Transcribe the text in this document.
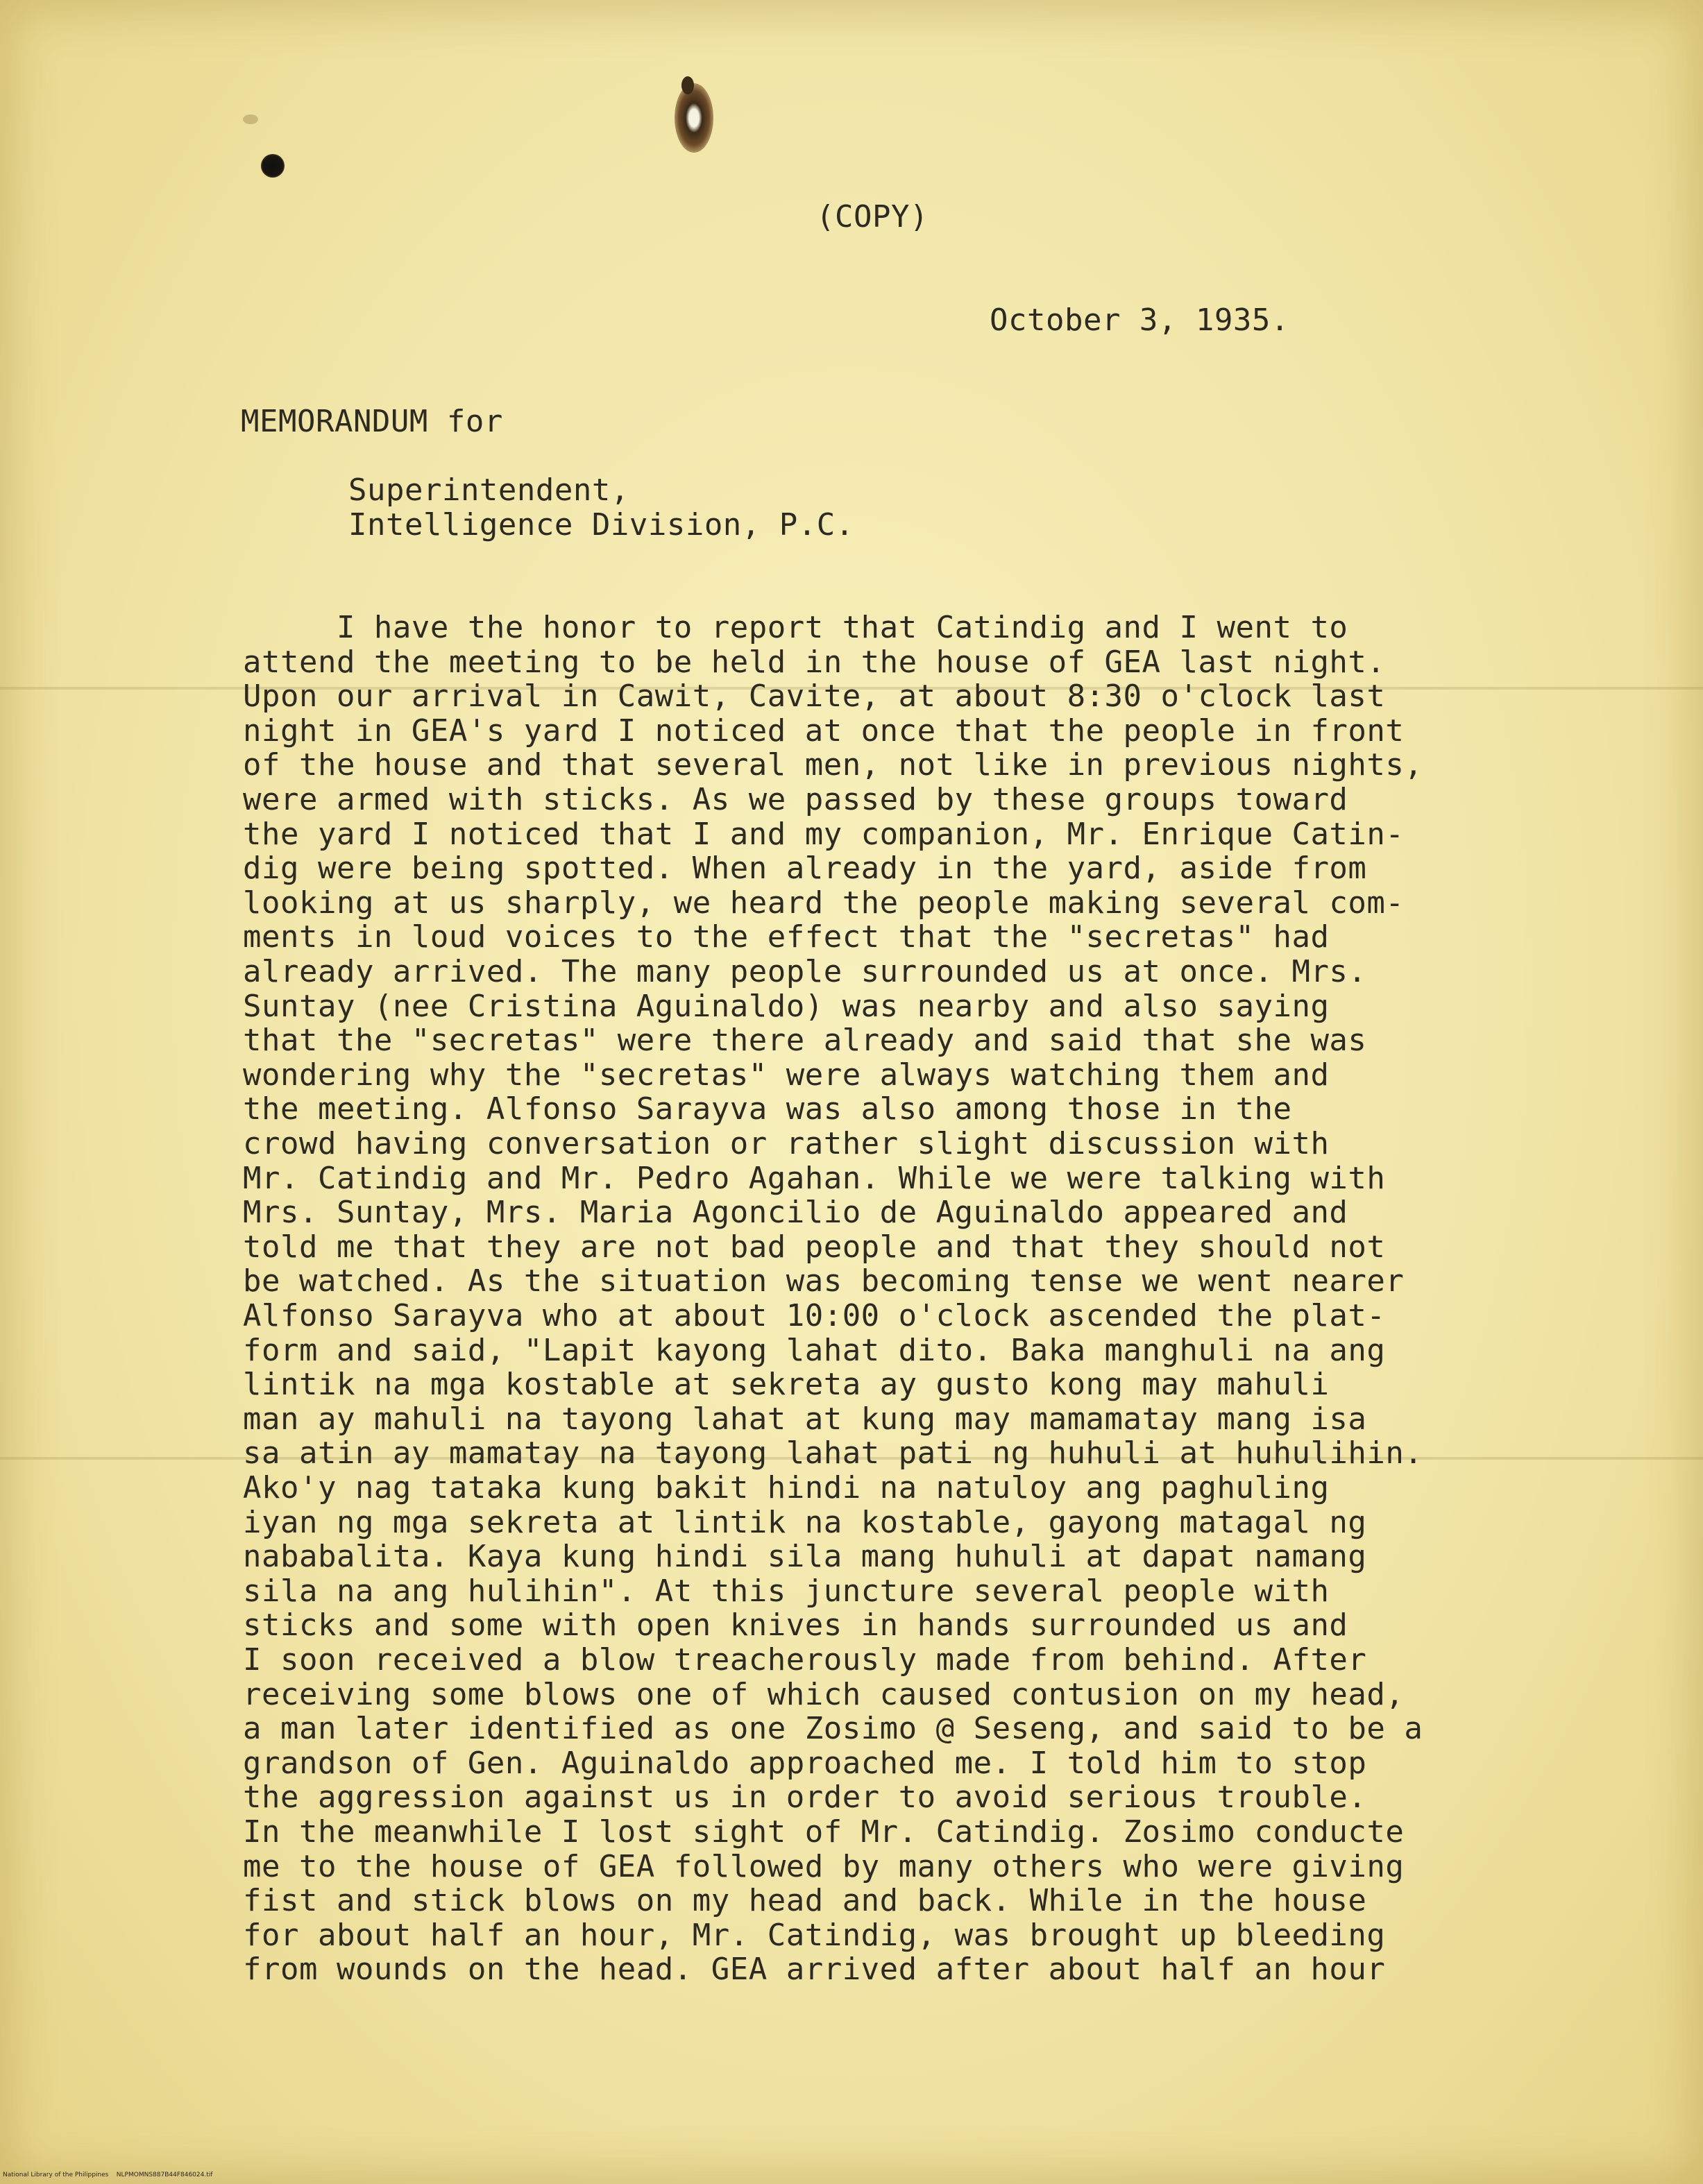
(COPY)
October 3, 1935.
MEMORANDUM for
Superintendent,
Intelligence Division, P.C.
I have the honor to report that Catindig and I went to
attend the meeting to be held in the house of GEA last night.
Upon our arrival in Cawit, Cavite, at about 8:30 o'clock last
night in GEA's yard I noticed at once that the people in front
of the house and that several men, not like in previous nights,
were armed with sticks. As we passed by these groups toward
the yard I noticed that I and my companion, Mr. Enrique Catin-
dig were being spotted. When already in the yard, aside from
looking at us sharply, we heard the people making several com-
ments in loud voices to the effect that the "secretas" had
already arrived. The many people surrounded us at once. Mrs.
Suntay (nee Cristina Aguinaldo) was nearby and also saying
that the "secretas" were there already and said that she was
wondering why the "secretas" were always watching them and
the meeting. Alfonso Sarayva was also among those in the
crowd having conversation or rather slight discussion with
Mr. Catindig and Mr. Pedro Agahan. While we were talking with
Mrs. Suntay, Mrs. Maria Agoncilio de Aguinaldo appeared and
told me that they are not bad people and that they should not
be watched. As the situation was becoming tense we went nearer
Alfonso Sarayva who at about 10:00 o'clock ascended the plat-
form and said, "Lapit kayong lahat dito. Baka manghuli na ang
lintik na mga kostable at sekreta ay gusto kong may mahuli
man ay mahuli na tayong lahat at kung may mamamatay mang isa
sa atin ay mamatay na tayong lahat pati ng huhuli at huhulihin.
Ako'y nag tataka kung bakit hindi na natuloy ang paghuling
iyan ng mga sekreta at lintik na kostable, gayong matagal ng
nababalita. Kaya kung hindi sila mang huhuli at dapat namang
sila na ang hulihin". At this juncture several people with
sticks and some with open knives in hands surrounded us and
I soon received a blow treacherously made from behind. After
receiving some blows one of which caused contusion on my head,
a man later identified as one Zosimo @ Seseng, and said to be a
grandson of Gen. Aguinaldo approached me. I told him to stop
the aggression against us in order to avoid serious trouble.
In the meanwhile I lost sight of Mr. Catindig. Zosimo conducte
me to the house of GEA followed by many others who were giving
fist and stick blows on my head and back. While in the house
for about half an hour, Mr. Catindig, was brought up bleeding
from wounds on the head. GEA arrived after about half an hour
National Library of the Philippines    NLPMOMNS887B44F846024.tif
